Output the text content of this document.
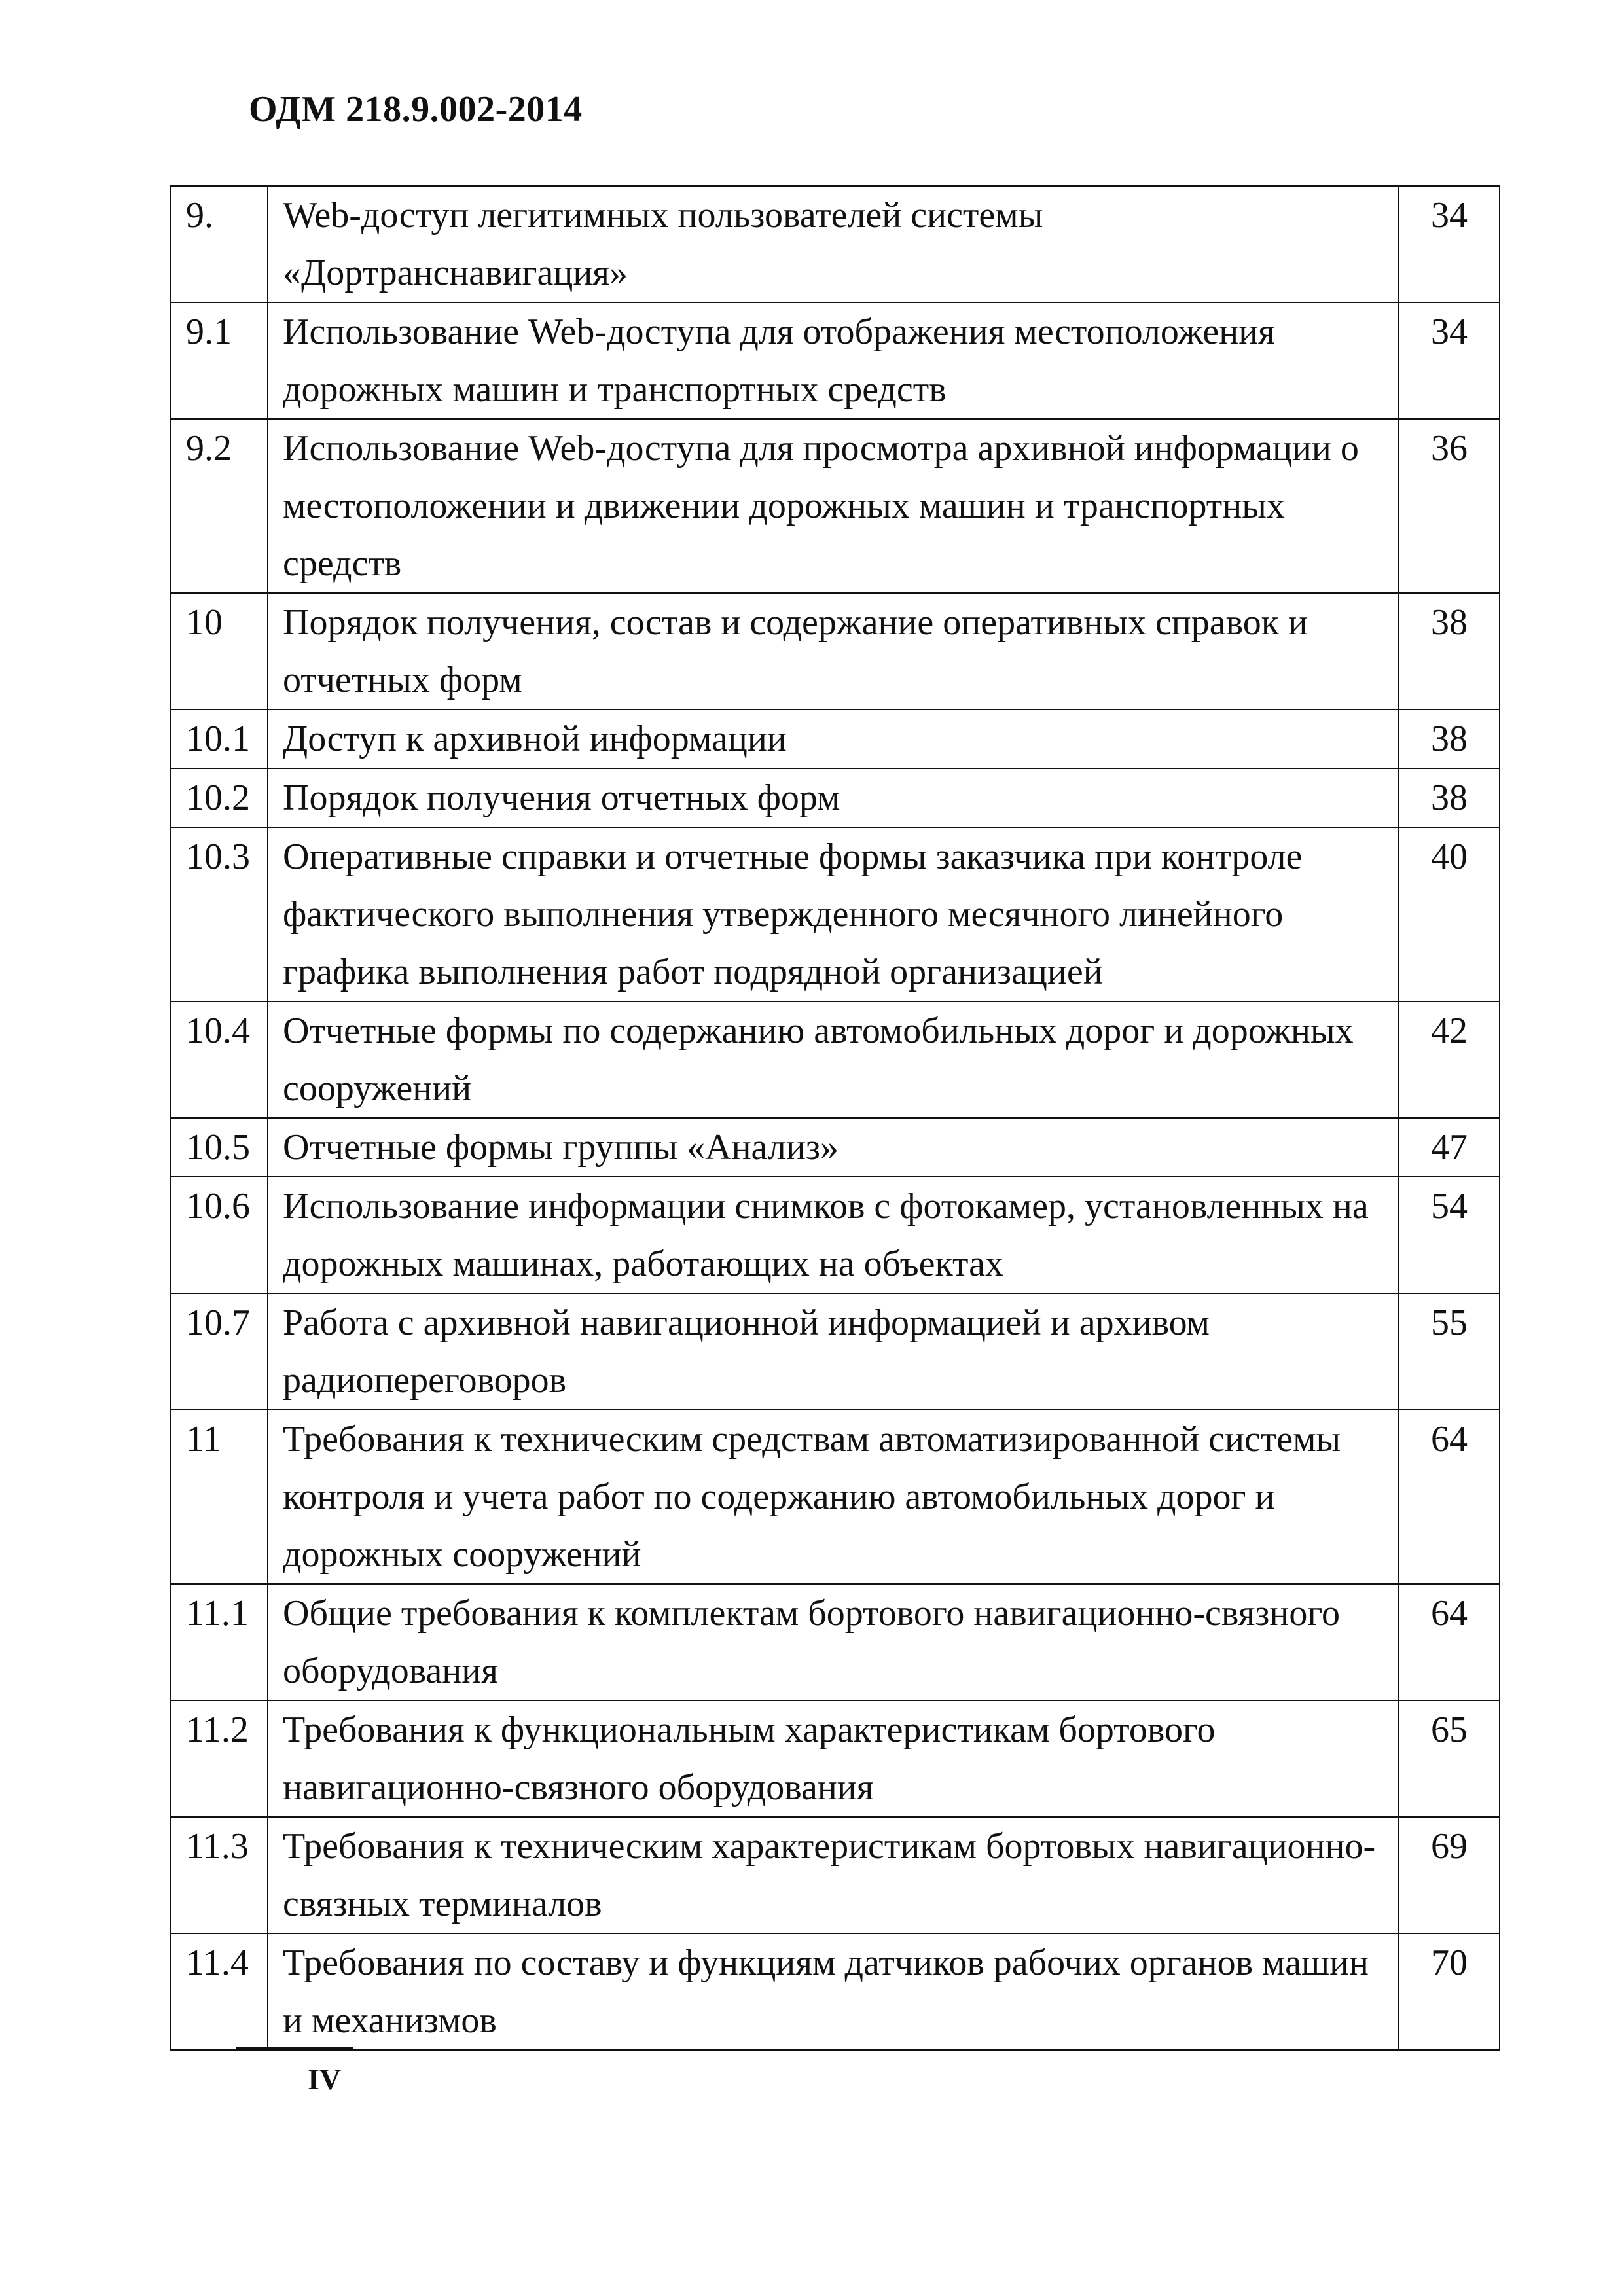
ОДМ 218.9.002-2014
9.	Web-доступ легитимных пользователей системы «Дортранснавигация»	34
9.1	Использование Web-доступа для отображения местоположения дорожных машин и транспортных средств	34
9.2	Использование Web-доступа для просмотра архивной информации о местоположении и движении дорожных машин и транспортных средств	36
10	Порядок получения, состав и содержание оперативных справок и отчетных форм	38
10.1	Доступ к архивной информации	38
10.2	Порядок получения отчетных форм	38
10.3	Оперативные справки и отчетные формы заказчика при контроле фактического выполнения утвержденного месячного линейного графика выполнения работ подрядной организацией	40
10.4	Отчетные формы по содержанию автомобильных дорог и дорожных сооружений	42
10.5	Отчетные формы группы «Анализ»	47
10.6	Использование информации снимков с фотокамер, установленных на дорожных машинах, работающих на объектах	54
10.7	Работа с архивной навигационной информацией и архивом радиопереговоров	55
11	Требования к техническим средствам автоматизированной системы контроля и учета работ по содержанию автомобильных дорог и дорожных сооружений	64
11.1	Общие требования к комплектам бортового навигационно-связного оборудования	64
11.2	Требования к функциональным характеристикам бортового навигационно-связного оборудования	65
11.3	Требования к техническим характеристикам бортовых навигационно-связных терминалов	69
11.4	Требования по составу и функциям датчиков рабочих органов машин и механизмов	70
IV
